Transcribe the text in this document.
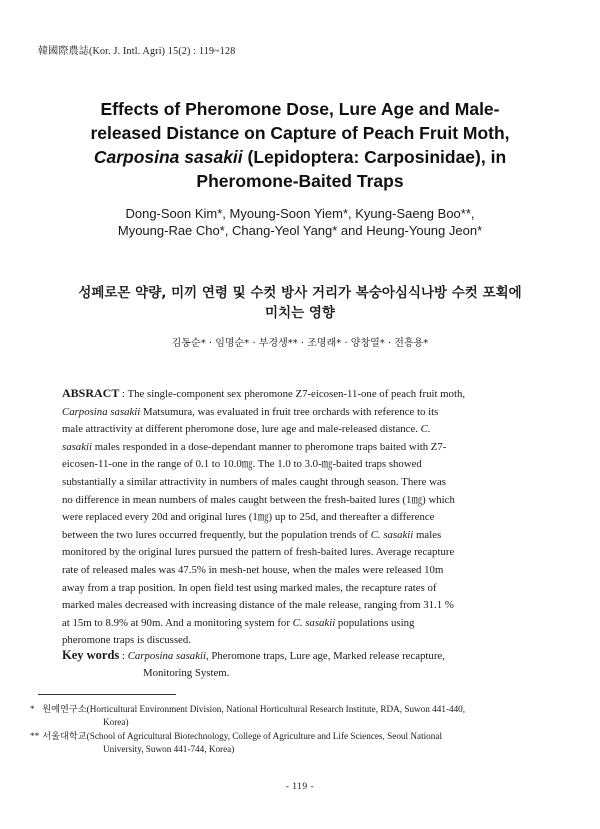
韓國際農誌(Kor. J. Intl. Agri) 15(2) : 119~128
Effects of Pheromone Dose, Lure Age and Male-
released Distance on Capture of Peach Fruit Moth,
Carposina sasakii (Lepidoptera: Carposinidae), in
Pheromone-Baited Traps
Dong-Soon Kim*, Myoung-Soon Yiem*, Kyung-Saeng Boo**,
Myoung-Rae Cho*, Chang-Yeol Yang* and Heung-Young Jeon*
성페로몬 약량, 미끼 연령 및 수컷 방사 거리가 복숭아심식나방 수컷 포획에
미치는 영향
김동순* · 임명순* · 부경생** · 조명래* · 양창열* · 전흥용*
ABSRACT : The single-component sex pheromone Z7-eicosen-11-one of peach fruit moth,
Carposina sasakii Matsumura, was evaluated in fruit tree orchards with reference to its
male attractivity at different pheromone dose, lure age and male-released distance. C.
sasakii males responded in a dose-dependant manner to pheromone traps baited with Z7-
eicosen-11-one in the range of 0.1 to 10.0㎎. The 1.0 to 3.0-㎎-baited traps showed
substantially a similar attractivity in numbers of males caught through season. There was
no difference in mean numbers of males caught between the fresh-baited lures (1㎎) which
were replaced every 20d and original lures (1㎎) up to 25d, and thereafter a difference
between the two lures occurred frequently, but the population trends of C. sasakii males
monitored by the original lures pursued the pattern of fresh-baited lures. Average recapture
rate of released males was 47.5% in mesh-net house, when the males were released 10m
away from a trap position. In open field test using marked males, the recapture rates of
marked males decreased with increasing distance of the male release, ranging from 31.1 %
at 15m to 8.9% at 90m. And a monitoring system for C. sasakii populations using
pheromone traps is discussed.
Key words : Carposina sasakii, Pheromone traps, Lure age, Marked release recapture,
Monitoring System.
* 원예연구소(Horticultural Environment Division, National Horticultural Research Institute, RDA, Suwon 441-440,
Korea)
** 서울대학교(School of Agricultural Biotechnology, College of Agriculture and Life Sciences, Seoul National
University, Suwon 441-744, Korea)
- 119 -
